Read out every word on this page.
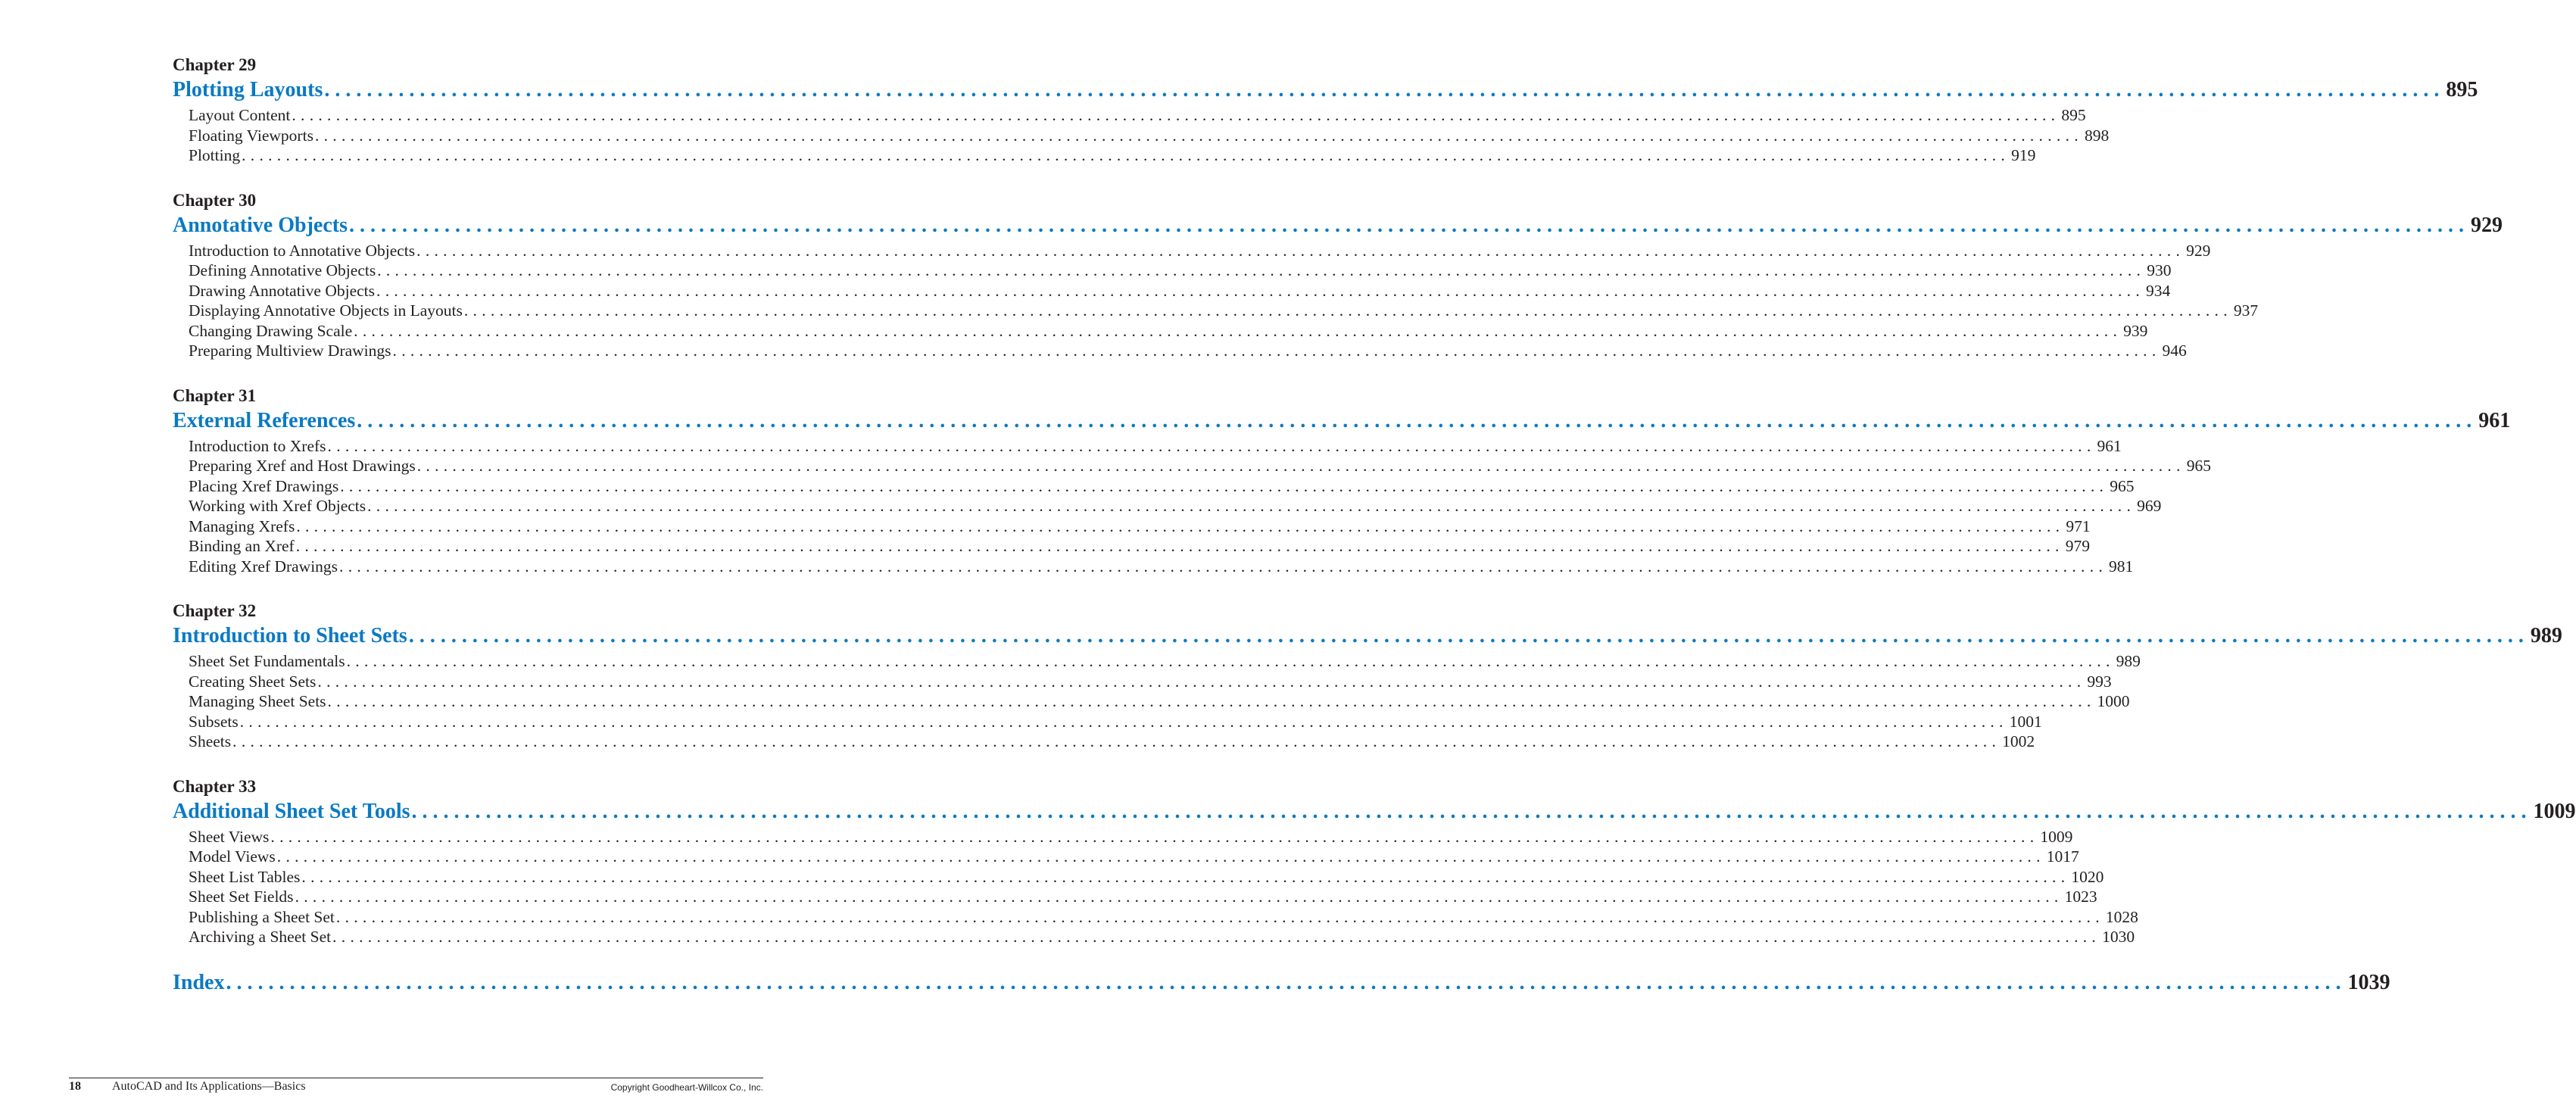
Chapter 29
Plotting Layouts ........................................................................................................................................................................................................ 895
Layout Content ........................................................................................................................................................................................................ 895
Floating Viewports ........................................................................................................................................................................................................ 898
Plotting ........................................................................................................................................................................................................ 919
Chapter 30
Annotative Objects ........................................................................................................................................................................................................ 929
Introduction to Annotative Objects ........................................................................................................................................................................................................ 929
Defining Annotative Objects ........................................................................................................................................................................................................ 930
Drawing Annotative Objects ........................................................................................................................................................................................................ 934
Displaying Annotative Objects in Layouts ........................................................................................................................................................................................................ 937
Changing Drawing Scale ........................................................................................................................................................................................................ 939
Preparing Multiview Drawings ........................................................................................................................................................................................................ 946
Chapter 31
External References ........................................................................................................................................................................................................ 961
Introduction to Xrefs ........................................................................................................................................................................................................ 961
Preparing Xref and Host Drawings ........................................................................................................................................................................................................ 965
Placing Xref Drawings ........................................................................................................................................................................................................ 965
Working with Xref Objects ........................................................................................................................................................................................................ 969
Managing Xrefs ........................................................................................................................................................................................................ 971
Binding an Xref ........................................................................................................................................................................................................ 979
Editing Xref Drawings ........................................................................................................................................................................................................ 981
Chapter 32
Introduction to Sheet Sets ........................................................................................................................................................................................................ 989
Sheet Set Fundamentals ........................................................................................................................................................................................................ 989
Creating Sheet Sets ........................................................................................................................................................................................................ 993
Managing Sheet Sets ........................................................................................................................................................................................................ 1000
Subsets ........................................................................................................................................................................................................ 1001
Sheets ........................................................................................................................................................................................................ 1002
Chapter 33
Additional Sheet Set Tools ........................................................................................................................................................................................................ 1009
Sheet Views ........................................................................................................................................................................................................ 1009
Model Views ........................................................................................................................................................................................................ 1017
Sheet List Tables ........................................................................................................................................................................................................ 1020
Sheet Set Fields ........................................................................................................................................................................................................ 1023
Publishing a Sheet Set ........................................................................................................................................................................................................ 1028
Archiving a Sheet Set ........................................................................................................................................................................................................ 1030
Index ........................................................................................................................................................................................................ 1039
18	AutoCAD and Its Applications—Basics	Copyright Goodheart-Willcox Co., Inc.
